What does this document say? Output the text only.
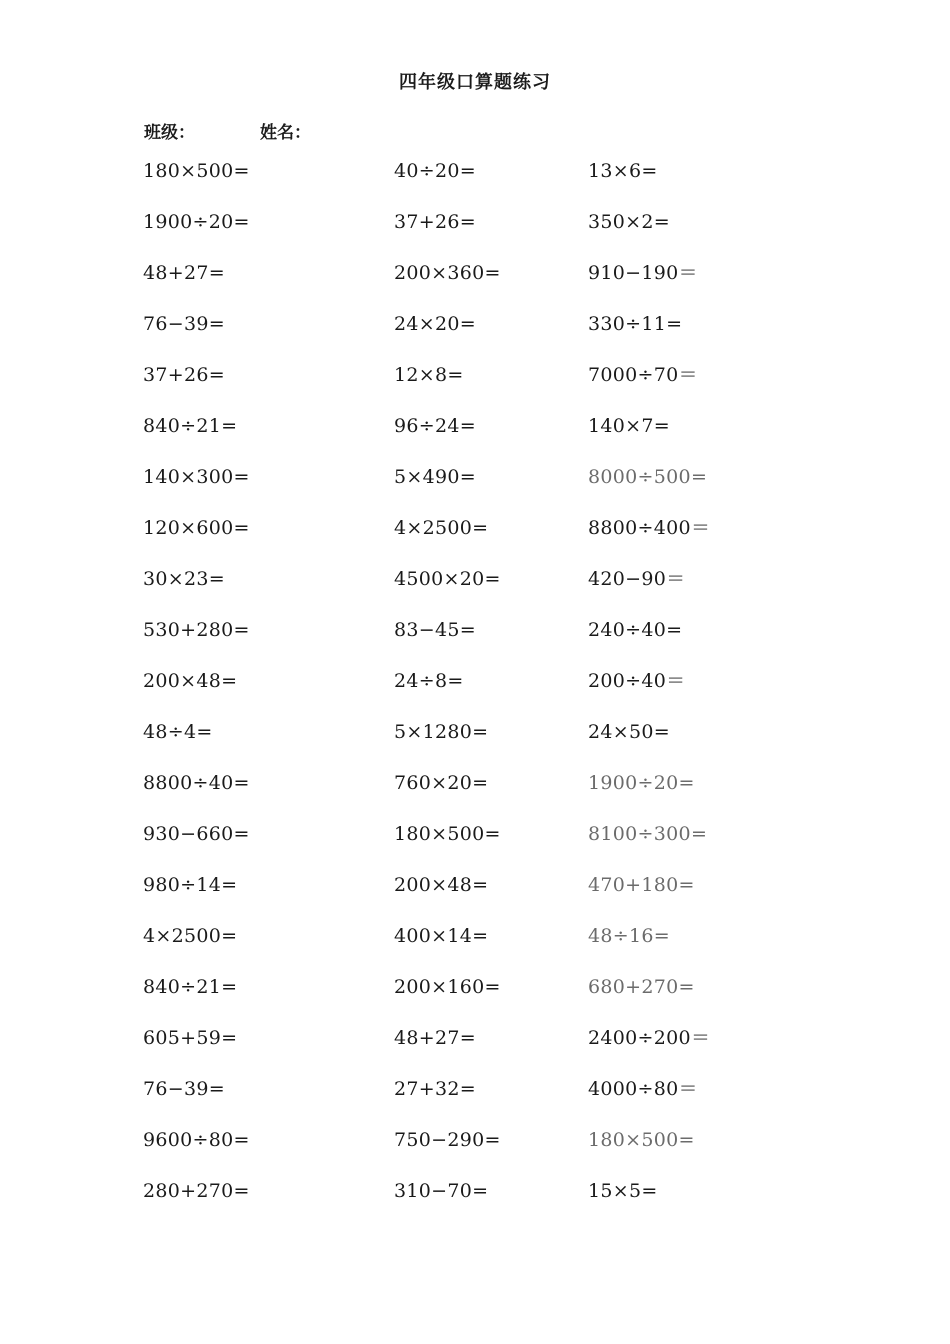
四年级口算题练习
班级：	姓名：
180×500=	40÷20=	13×6=
1900÷20=	37+26=	350×2=
48+27=	200×360=	910−190＝
76−39=	24×20=	330÷11=
37+26=	12×8=	7000÷70＝
840÷21=	96÷24=	140×7=
140×300=	5×490=	8000÷500=
120×600=	4×2500=	8800÷400＝
30×23=	4500×20=	420−90＝
530+280=	83−45=	240÷40=
200×48=	24÷8=	200÷40＝
48÷4=	5×1280=	24×50=
8800÷40=	760×20=	1900÷20=
930−660=	180×500=	8100÷300=
980÷14=	200×48=	470+180=
4×2500=	400×14=	48÷16=
840÷21=	200×160=	680+270=
605+59=	48+27=	2400÷200＝
76−39=	27+32=	4000÷80＝
9600÷80=	750−290=	180×500=
280+270=	310−70=	15×5=
